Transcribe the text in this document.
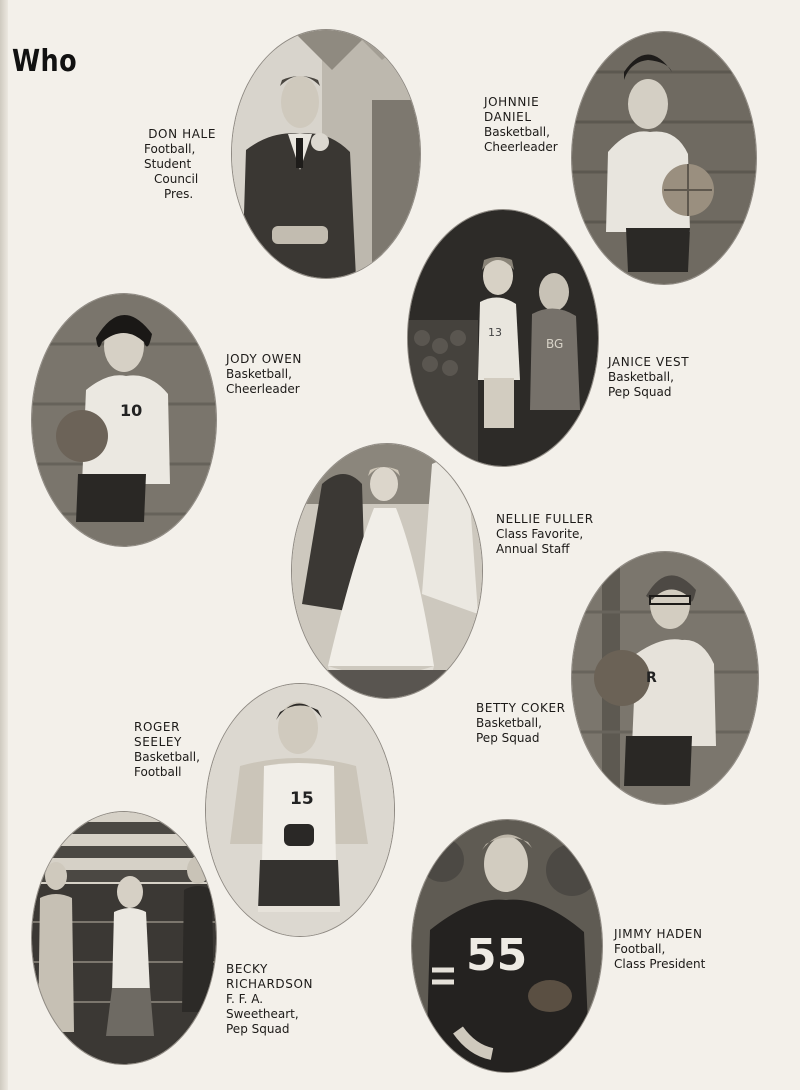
Who
DON HALE
Football,
Student
Council
Pres.
JOHNNIE
DANIEL
Basketball,
Cheerleader
10
JODY OWEN
Basketball,
Cheerleader
13
BG
JANICE VEST
Basketball,
Pep Squad
NELLIE FULLER
Class Favorite,
Annual Staff
R
BETTY COKER
Basketball,
Pep Squad
ROGER
SEELEY
Basketball,
Football
15
BECKY
RICHARDSON
F. F. A.
Sweetheart,
Pep Squad
55	JIMMY HADEN
Football,
Class President
